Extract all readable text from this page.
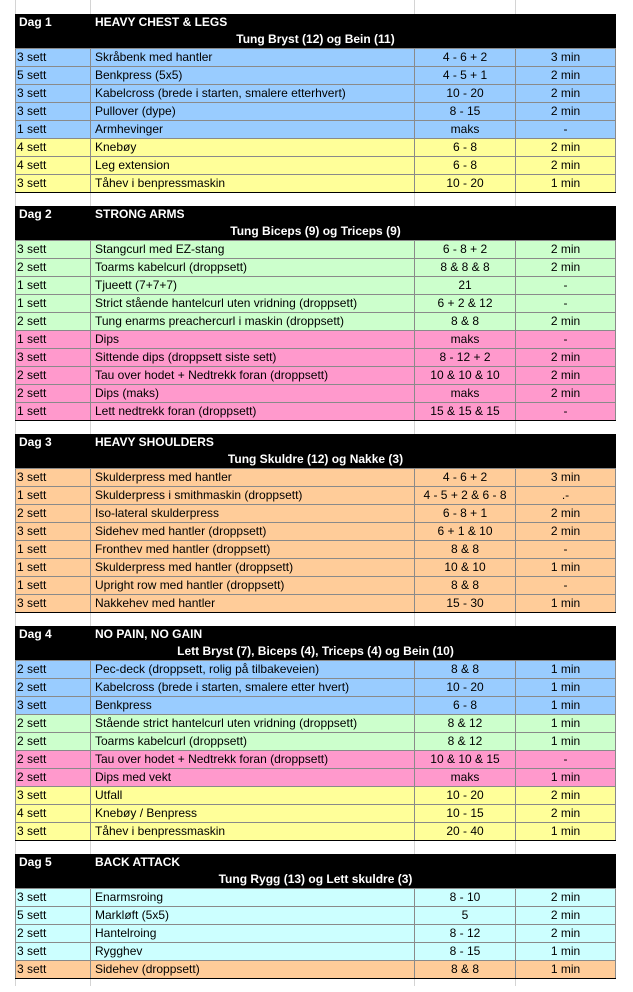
Dag 1	HEAVY CHEST & LEGS
Tung Bryst (12) og Bein (11)
3 sett	Skråbenk med hantler	4 - 6 + 2	3 min
5 sett	Benkpress (5x5)	4 - 5 + 1	2 min
3 sett	Kabelcross (brede i starten, smalere etterhvert)	10 - 20	2 min
3 sett	Pullover (dype)	8 - 15	2 min
1 sett	Armhevinger	maks	-
4 sett	Knebøy	6 - 8	2 min
4 sett	Leg extension	6 - 8	2 min
3 sett	Tåhev i benpressmaskin	10 - 20	1 min
Dag 2	STRONG ARMS
Tung Biceps (9) og Triceps (9)
3 sett	Stangcurl med EZ-stang	6 - 8 + 2	2 min
2 sett	Toarms kabelcurl (droppsett)	8 & 8 & 8	2 min
1 sett	Tjueett (7+7+7)	21	-
1 sett	Strict stående hantelcurl uten vridning (droppsett)	6 + 2 & 12	-
2 sett	Tung enarms preachercurl i maskin (droppsett)	8 & 8	2 min
1 sett	Dips	maks	-
3 sett	Sittende dips (droppsett siste sett)	8 - 12 + 2	2 min
2 sett	Tau over hodet + Nedtrekk foran (droppsett)	10 & 10 & 10	2 min
2 sett	Dips (maks)	maks	2 min
1 sett	Lett nedtrekk foran (droppsett)	15 & 15 & 15	-
Dag 3	HEAVY SHOULDERS
Tung Skuldre (12) og Nakke (3)
3 sett	Skulderpress med hantler	4 - 6 + 2	3 min
1 sett	Skulderpress i smithmaskin (droppsett)	4 - 5 + 2 & 6 - 8	.-
2 sett	Iso-lateral skulderpress	6 - 8 + 1	2 min
3 sett	Sidehev med hantler (droppsett)	6 + 1 & 10	2 min
1 sett	Fronthev med hantler (droppsett)	8 & 8	-
1 sett	Skulderpress med hantler (droppsett)	10 & 10	1 min
1 sett	Upright row med hantler (droppsett)	8 & 8	-
3 sett	Nakkehev med hantler	15 - 30	1 min
Dag 4	NO PAIN, NO GAIN
Lett Bryst (7), Biceps (4), Triceps (4) og Bein (10)
2 sett	Pec-deck (droppsett, rolig på tilbakeveien)	8 & 8	1 min
2 sett	Kabelcross (brede i starten, smalere etter hvert)	10 - 20	1 min
3 sett	Benkpress	6 - 8	1 min
2 sett	Stående strict hantelcurl uten vridning (droppsett)	8 & 12	1 min
2 sett	Toarms kabelcurl (droppsett)	8 & 12	1 min
2 sett	Tau over hodet + Nedtrekk foran (droppsett)	10 & 10 & 15	-
2 sett	Dips med vekt	maks	1 min
3 sett	Utfall	10 - 20	2 min
4 sett	Knebøy / Benpress	10 - 15	2 min
3 sett	Tåhev i benpressmaskin	20 - 40	1 min
Dag 5	BACK ATTACK
Tung Rygg (13) og Lett skuldre (3)
3 sett	Enarmsroing	8 - 10	2 min
5 sett	Markløft (5x5)	5	2 min
2 sett	Hantelroing	8 - 12	2 min
3 sett	Rygghev	8 - 15	1 min
3 sett	Sidehev (droppsett)	8 & 8	1 min
